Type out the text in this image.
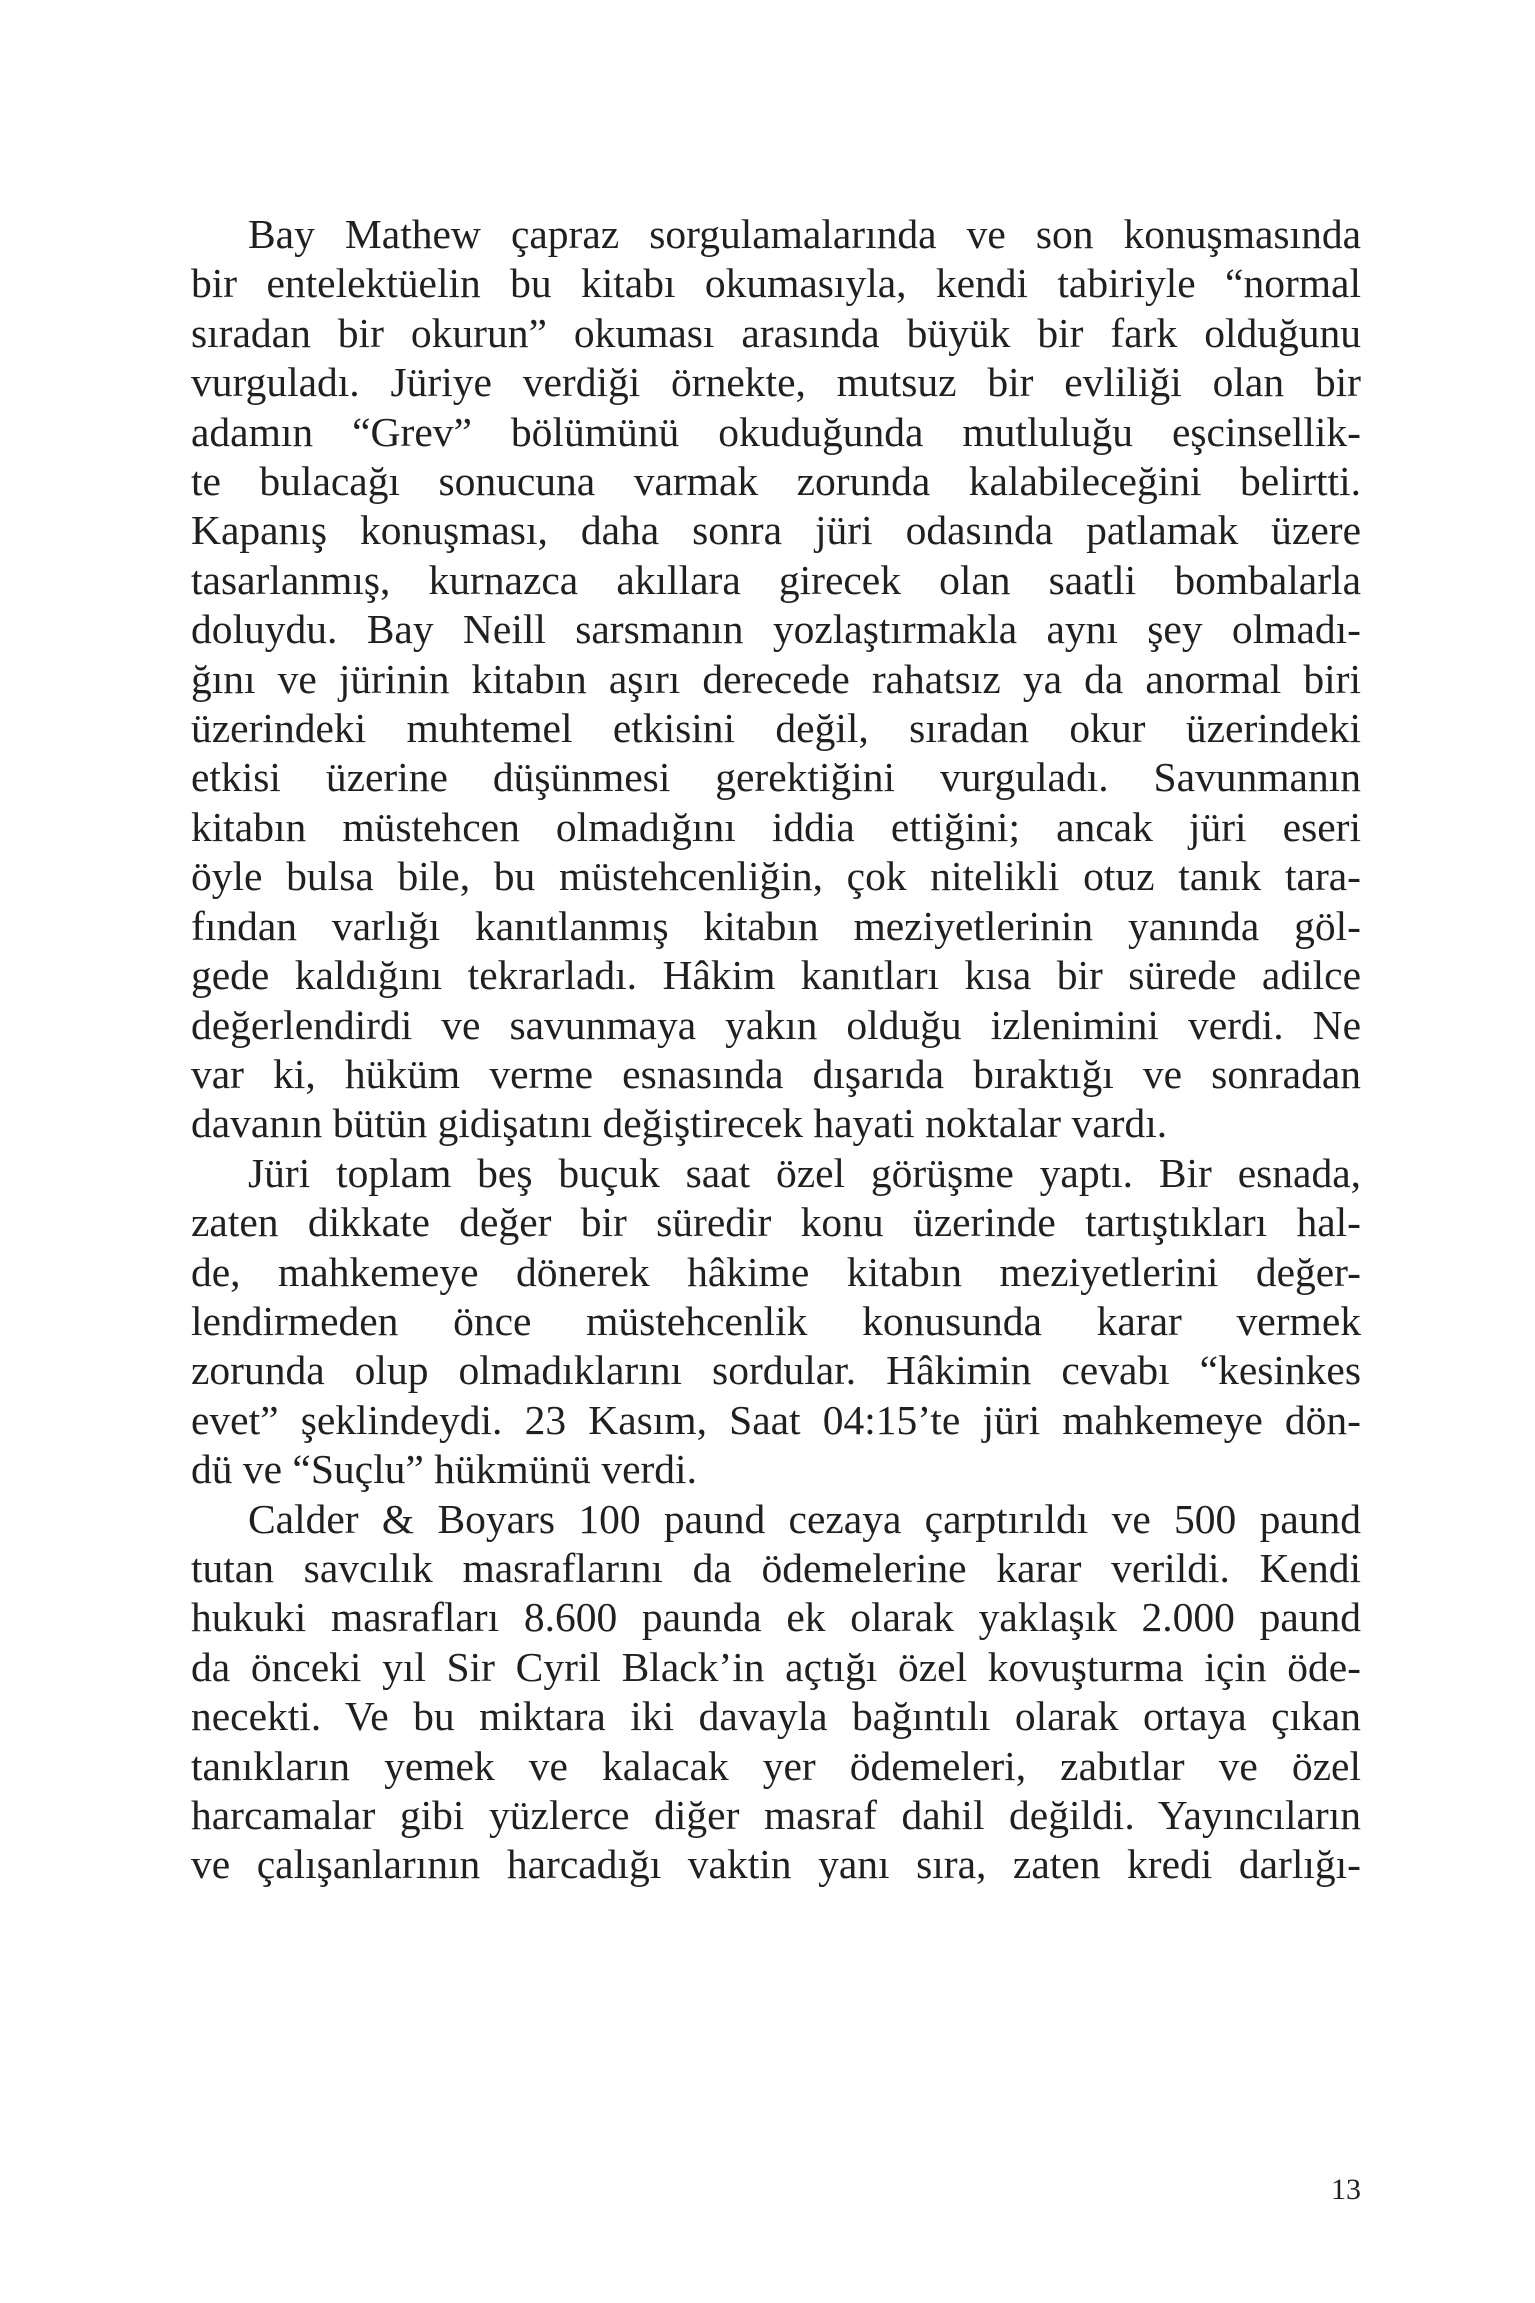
Bay Mathew çapraz sorgulamalarında ve son konuşmasında
bir entelektüelin bu kitabı okumasıyla, kendi tabiriyle “normal
sıradan bir okurun” okuması arasında büyük bir fark olduğunu
vurguladı. Jüriye verdiği örnekte, mutsuz bir evliliği olan bir
adamın “Grev” bölümünü okuduğunda mutluluğu eşcinsellik-
te bulacağı sonucuna varmak zorunda kalabileceğini belirtti.
Kapanış konuşması, daha sonra jüri odasında patlamak üzere
tasarlanmış, kurnazca akıllara girecek olan saatli bombalarla
doluydu. Bay Neill sarsmanın yozlaştırmakla aynı şey olmadı-
ğını ve jürinin kitabın aşırı derecede rahatsız ya da anormal biri
üzerindeki muhtemel etkisini değil, sıradan okur üzerindeki
etkisi üzerine düşünmesi gerektiğini vurguladı. Savunmanın
kitabın müstehcen olmadığını iddia ettiğini; ancak jüri eseri
öyle bulsa bile, bu müstehcenliğin, çok nitelikli otuz tanık tara-
fından varlığı kanıtlanmış kitabın meziyetlerinin yanında göl-
gede kaldığını tekrarladı. Hâkim kanıtları kısa bir sürede adilce
değerlendirdi ve savunmaya yakın olduğu izlenimini verdi. Ne
var ki, hüküm verme esnasında dışarıda bıraktığı ve sonradan
davanın bütün gidişatını değiştirecek hayati noktalar vardı.

Jüri toplam beş buçuk saat özel görüşme yaptı. Bir esnada,
zaten dikkate değer bir süredir konu üzerinde tartıştıkları hal-
de, mahkemeye dönerek hâkime kitabın meziyetlerini değer-
lendirmeden önce müstehcenlik konusunda karar vermek
zorunda olup olmadıklarını sordular. Hâkimin cevabı “kesinkes
evet” şeklindeydi. 23 Kasım, Saat 04:15’te jüri mahkemeye dön-
dü ve “Suçlu” hükmünü verdi.

Calder & Boyars 100 paund cezaya çarptırıldı ve 500 paund
tutan savcılık masraflarını da ödemelerine karar verildi. Kendi
hukuki masrafları 8.600 paunda ek olarak yaklaşık 2.000 paund
da önceki yıl Sir Cyril Black’in açtığı özel kovuşturma için öde-
necekti. Ve bu miktara iki davayla bağıntılı olarak ortaya çıkan
tanıkların yemek ve kalacak yer ödemeleri, zabıtlar ve özel
harcamalar gibi yüzlerce diğer masraf dahil değildi. Yayıncıların
ve çalışanlarının harcadığı vaktin yanı sıra, zaten kredi darlığı-

13
